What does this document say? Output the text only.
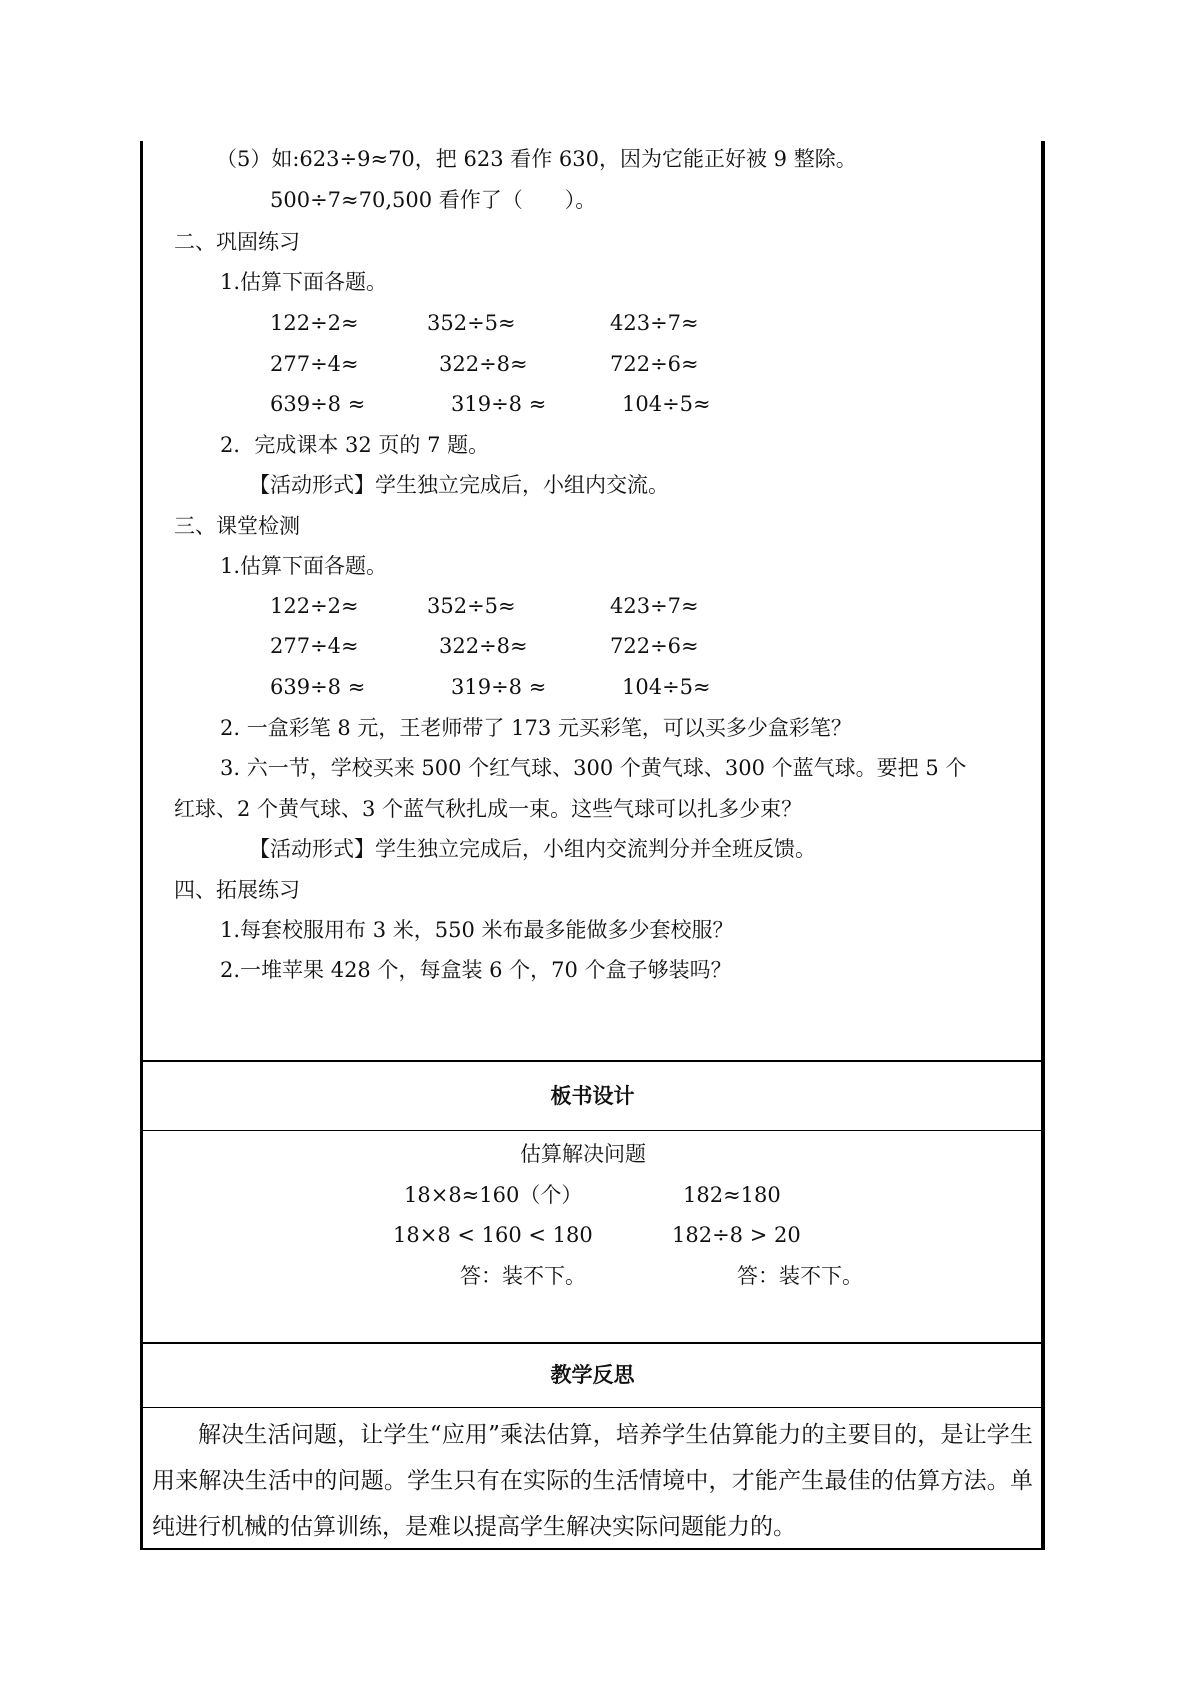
（5）如:623÷9≈70，把 623 看作 630，因为它能正好被 9 整除。
500÷7≈70,500 看作了（　　）。
二、巩固练习
1.估算下面各题。
122÷2≈	352÷5≈	423÷7≈
277÷4≈	322÷8≈	722÷6≈
639÷8 ≈	319÷8 ≈	104÷5≈
2．完成课本 32 页的 7 题。
【活动形式】学生独立完成后，小组内交流。
三、课堂检测
1.估算下面各题。
122÷2≈	352÷5≈	423÷7≈
277÷4≈	322÷8≈	722÷6≈
639÷8 ≈	319÷8 ≈	104÷5≈
2. 一盒彩笔 8 元，王老师带了 173 元买彩笔，可以买多少盒彩笔？
3. 六一节，学校买来 500 个红气球、300 个黄气球、300 个蓝气球。要把 5 个
红球、2 个黄气球、3 个蓝气秋扎成一束。这些气球可以扎多少束？
【活动形式】学生独立完成后，小组内交流判分并全班反馈。
四、拓展练习
1.每套校服用布 3 米，550 米布最多能做多少套校服？
2.一堆苹果 428 个，每盒装 6 个，70 个盒子够装吗？
板书设计
估算解决问题
18×8≈160（个）	182≈180
18×8 < 160 < 180	182÷8 > 20
答：装不下。	答：装不下。
教学反思
解决生活问题，让学生“应用”乘法估算，培养学生估算能力的主要目的，是让学生用来解决生活中的问题。学生只有在实际的生活情境中，才能产生最佳的估算方法。单纯进行机械的估算训练，是难以提高学生解决实际问题能力的。
